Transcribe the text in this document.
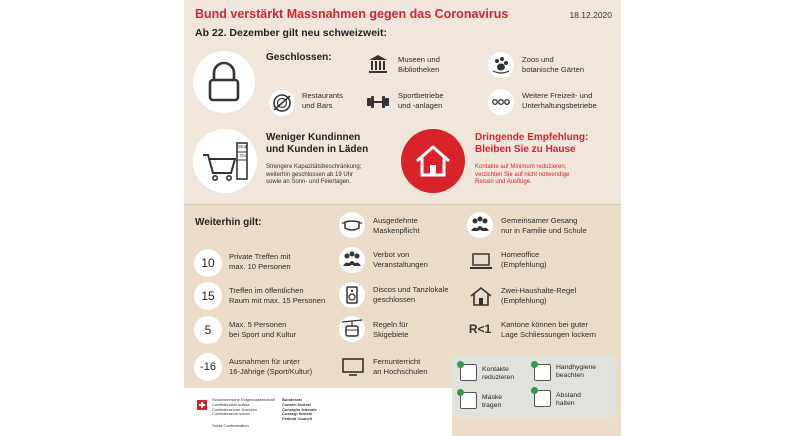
Bund verstärkt Massnahmen gegen das Coronavirus	18.12.2020
Ab 22. Dezember gilt neu schweizweit:
Geschlossen:	Museen und
Bibliotheken
Zoos und
botanische Gärten
Restaurants
und Bars
Sportbetriebe
und -anlagen
Weitere Freizeit- und
Unterhaltungsbetriebe
Stop
Go
Weniger Kundinnen
und Kunden in Läden
Strengere Kapazitätsbeschränkung;
weiterhin geschlossen ab 19 Uhr
sowie an Sonn- und Feiertagen.
Dringende Empfehlung:
Bleiben Sie zu Hause
Kontakte auf Minimum reduzieren;
verzichten Sie auf nicht notwendige
Reisen und Ausflüge.
Weiterhin gilt:
10	Private Treffen mit
max. 10 Personen
15	Treffen im öffentlichen
Raum mit max. 15 Personen
5	Max. 5 Personen
bei Sport und Kultur
-16	Ausnahmen für unter
16-Jährige (Sport/Kultur)
Ausgedehnte
Maskenpflicht
Verbot von
Veranstaltungen
Discos und Tanzlokale
geschlossen
Regeln für
Skigebiete
Fernunterricht
an Hochschulen
Gemeinsamer Gesang
nur in Familie und Schule
Homeoffice
(Empfehlung)
Zwei-Haushalte-Regel
(Empfehlung)
R<1 Kantone können bei guter
Lage Schliessungen lockern
Kontakte
reduzieren
Handhygiene
beachten
Maske
tragen
Abstand
halten
Schweizerische Eidgenossenschaft
Confédération suisse
Confederazione Svizzera
Confederaziun svizra
Bundesrat
Conseil fédéral
Consiglio federale
Cussegl federal
Federal Council
Swiss Confederation
